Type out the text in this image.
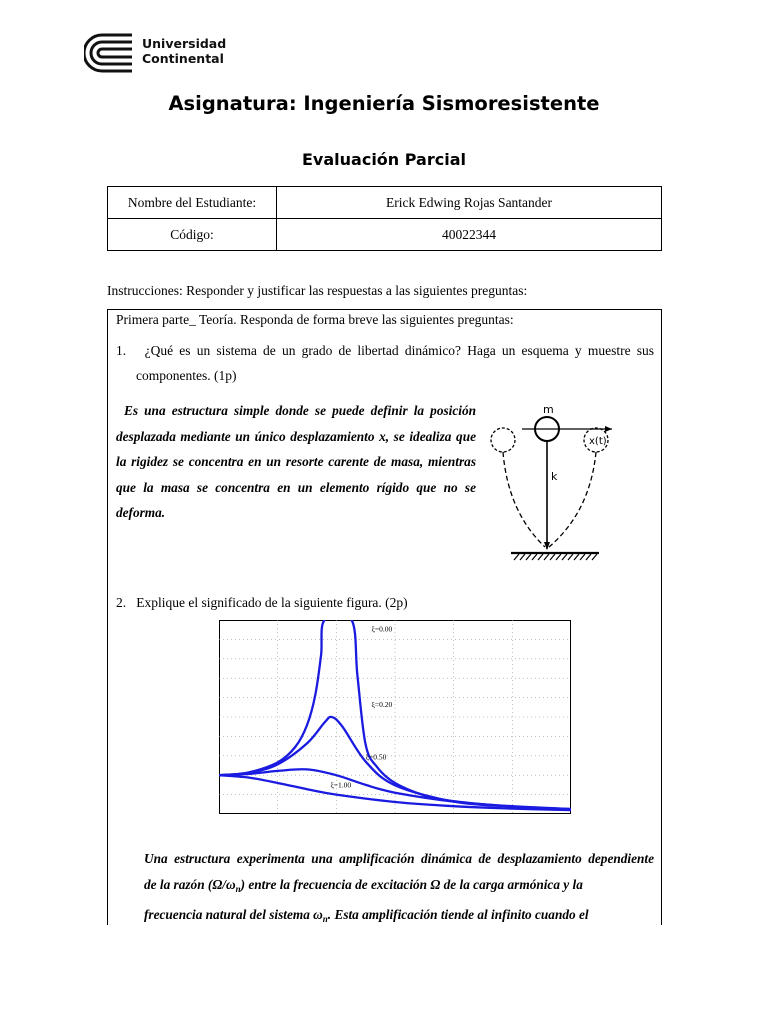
Universidad
Continental
Asignatura: Ingeniería Sismoresistente
Evaluación Parcial
Nombre del Estudiante:	Erick Edwing Rojas Santander
Código:	40022344
Instrucciones: Responder y justificar las respuestas a las siguientes preguntas:
Primera parte_ Teoría. Responda de forma breve las siguientes preguntas:
1. ¿Qué es un sistema de un grado de libertad dinámico? Haga un esquema y muestre sus
componentes. (1p)
Es una estructura simple donde se puede definir la posición
desplazada mediante un único desplazamiento x, se idealiza que
la rigidez se concentra en un resorte carente de masa, mientras
que la masa se concentra en un elemento rígido que no se
deforma.
m
k
x(t)
2. Explique el significado de la siguiente figura. (2p)
ξ=0.00
ξ=0.20
ξ=0.50
ξ=1.00
Una estructura experimenta una amplificación dinámica de desplazamiento dependiente
de la razón $(\Omega/\omega_n)$ entre la frecuencia de excitación Ω de la carga armónica y la
frecuencia natural del sistema $\omega_n$. Esta amplificación tiende al infinito cuando el
